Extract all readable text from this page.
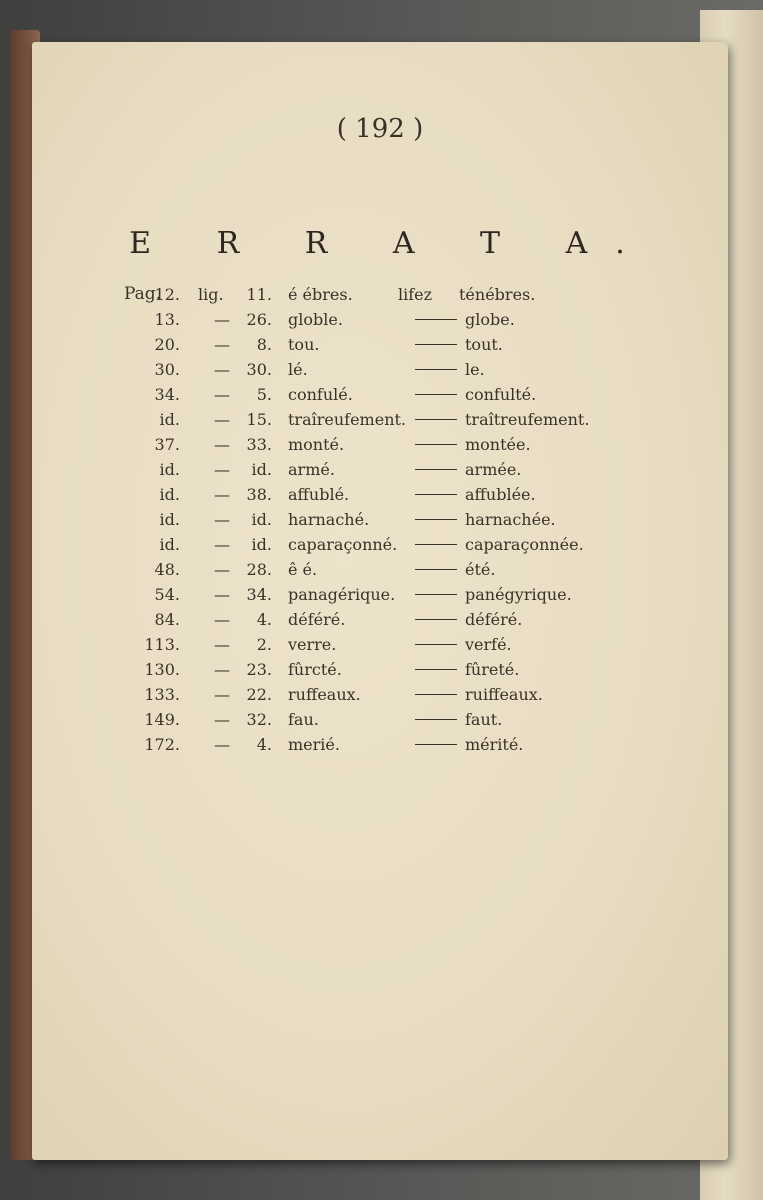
( 192 )
E R R A T A.
Pag.
12. lig.	11. é ébres.	lifez	ténébres.
13. —	26. globle.	globe.
20. —	8. tou.	tout.
30. —	30. lé.	le.
34. —	5. confulé.	confulté.
id. —	15. traîreufement.	traîtreufement.
37. —	33. monté.	montée.
id. —	id. armé.	armée.
id. —	38. affublé.	affublée.
id. —	id. harnaché.	harnachée.
id. —	id. caparaçonné.	caparaçonnée.
48. —	28. ê é.	été.
54. —	34. panagérique.	panégyrique.
84. —	4. déféré.	déféré.
113. —	2. verre.	verfé.
130. —	23. fûrcté.	fûreté.
133. —	22. ruffeaux.	ruiffeaux.
149. —	32. fau.	faut.
172. —	4. merié.	mérité.
